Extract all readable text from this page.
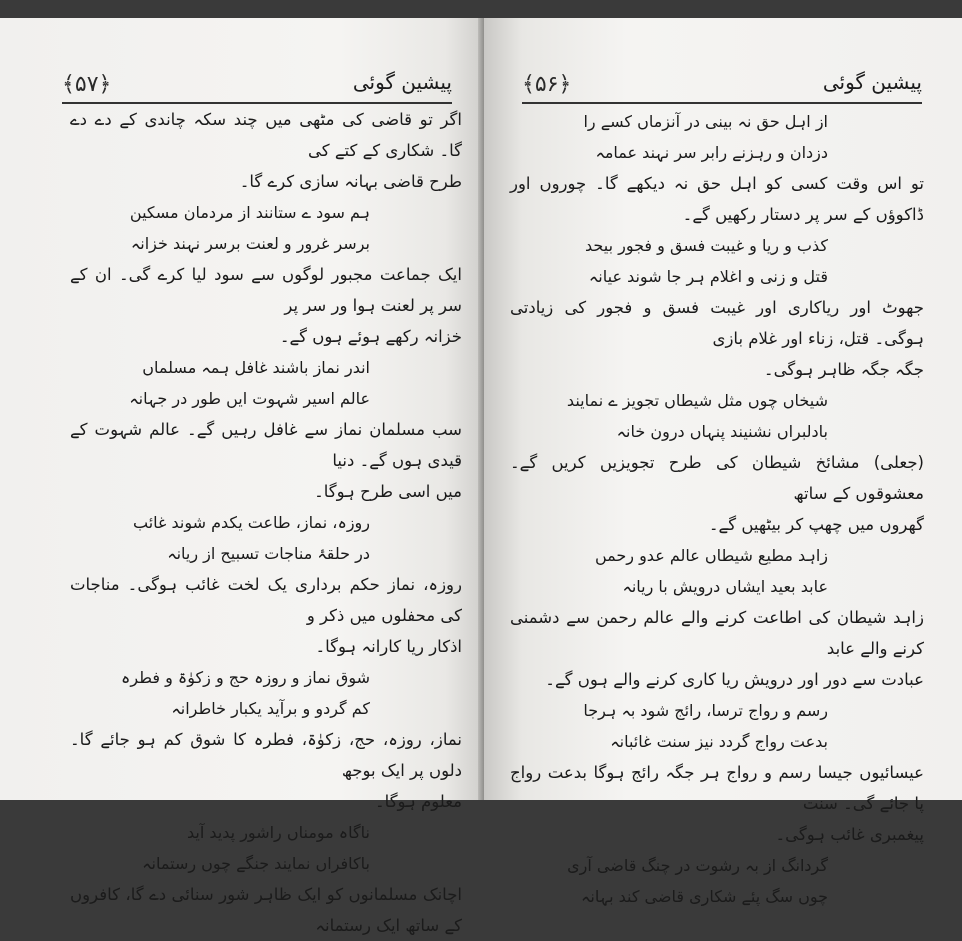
﴾۵۷﴿	پیشین گوئی

اگر تو قاضی کی مٹھی میں چند سکہ چاندی کے دے دے گا۔ شکاری کے کتے کی

طرح قاضی بہانہ سازی کرے گا۔

ہم سود ے ستانند از مردمان مسکین

برسر غرور و لعنت برسر نہند خزانہ

ایک جماعت مجبور لوگوں سے سود لیا کرے گی۔ ان کے سر پر لعنت ہوا ور سر پر

خزانہ رکھے ہوئے ہوں گے۔

اندر نماز باشند غافل ہمہ مسلماں

عالم اسیر شہوت ایں طور در جہانہ

سب مسلمان نماز سے غافل رہیں گے۔ عالم شہوت کے قیدی ہوں گے۔ دنیا

میں اسی طرح ہوگا۔

روزہ، نماز، طاعت یکدم شوند غائب

در حلقۂ مناجات تسبیح از ریانہ

روزہ، نماز حکم برداری یک لخت غائب ہوگی۔ مناجات کی محفلوں میں ذکر و

اذکار ریا کارانہ ہوگا۔

شوق نماز و روزہ حج و زکوٰۃ و فطرہ

کم گردو و برآید یکبار خاطرانہ

نماز، روزہ، حج، زکوٰۃ، فطرہ کا شوق کم ہو جائے گا۔ دلوں پر ایک بوجھ

معلوم ہوگا۔

ناگاہ مومناں راشور پدید آید

باکافراں نمایند جنگے چوں رستمانہ

اچانک مسلمانوں کو ایک ظاہر شور سنائی دے گا، کافروں کے ساتھ ایک رستمانہ

﴾۵۶﴿	پیشین گوئی

از اہل حق نہ بینی در آنزماں کسے را

دزدان و رہزنے رابر سر نہند عمامہ

تو اس وقت کسی کو اہل حق نہ دیکھے گا۔ چوروں اور ڈاکوؤں کے سر پر دستار رکھیں گے۔

کذب و ریا و غیبت فسق و فجور بیحد

قتل و زنی و اغلام ہر جا شوند عیانہ

جھوٹ اور ریاکاری اور غیبت فسق و فجور کی زیادتی ہوگی۔ قتل، زناء اور غلام بازی

جگہ جگہ ظاہر ہوگی۔

شیخاں چوں مثل شیطاں تجویز ے نمایند

بادلبراں نشنیند پنہاں درون خانہ

(جعلی) مشائخ شیطان کی طرح تجویزیں کریں گے۔ معشوقوں کے ساتھ

گھروں میں چھپ کر بیٹھیں گے۔

زاہد مطیع شیطاں عالم عدو رحمں

عابد بعید ایشاں درویش با ریانہ

زاہد شیطان کی اطاعت کرنے والے عالم رحمن سے دشمنی کرنے والے عابد

عبادت سے دور اور درویش ریا کاری کرنے والے ہوں گے۔

رسم و رواج ترسا، رائج شود بہ ہرجا

بدعت رواج گردد نیز سنت غائبانہ

عیسائیوں جیسا رسم و رواج ہر جگہ رائج ہوگا بدعت رواج پا جائے گی۔ سنت

پیغمبری غائب ہوگی۔

گردانگ از بہ رشوت در چنگ قاضی آری

چوں سگ پئے شکاری قاضی کند بہانہ
